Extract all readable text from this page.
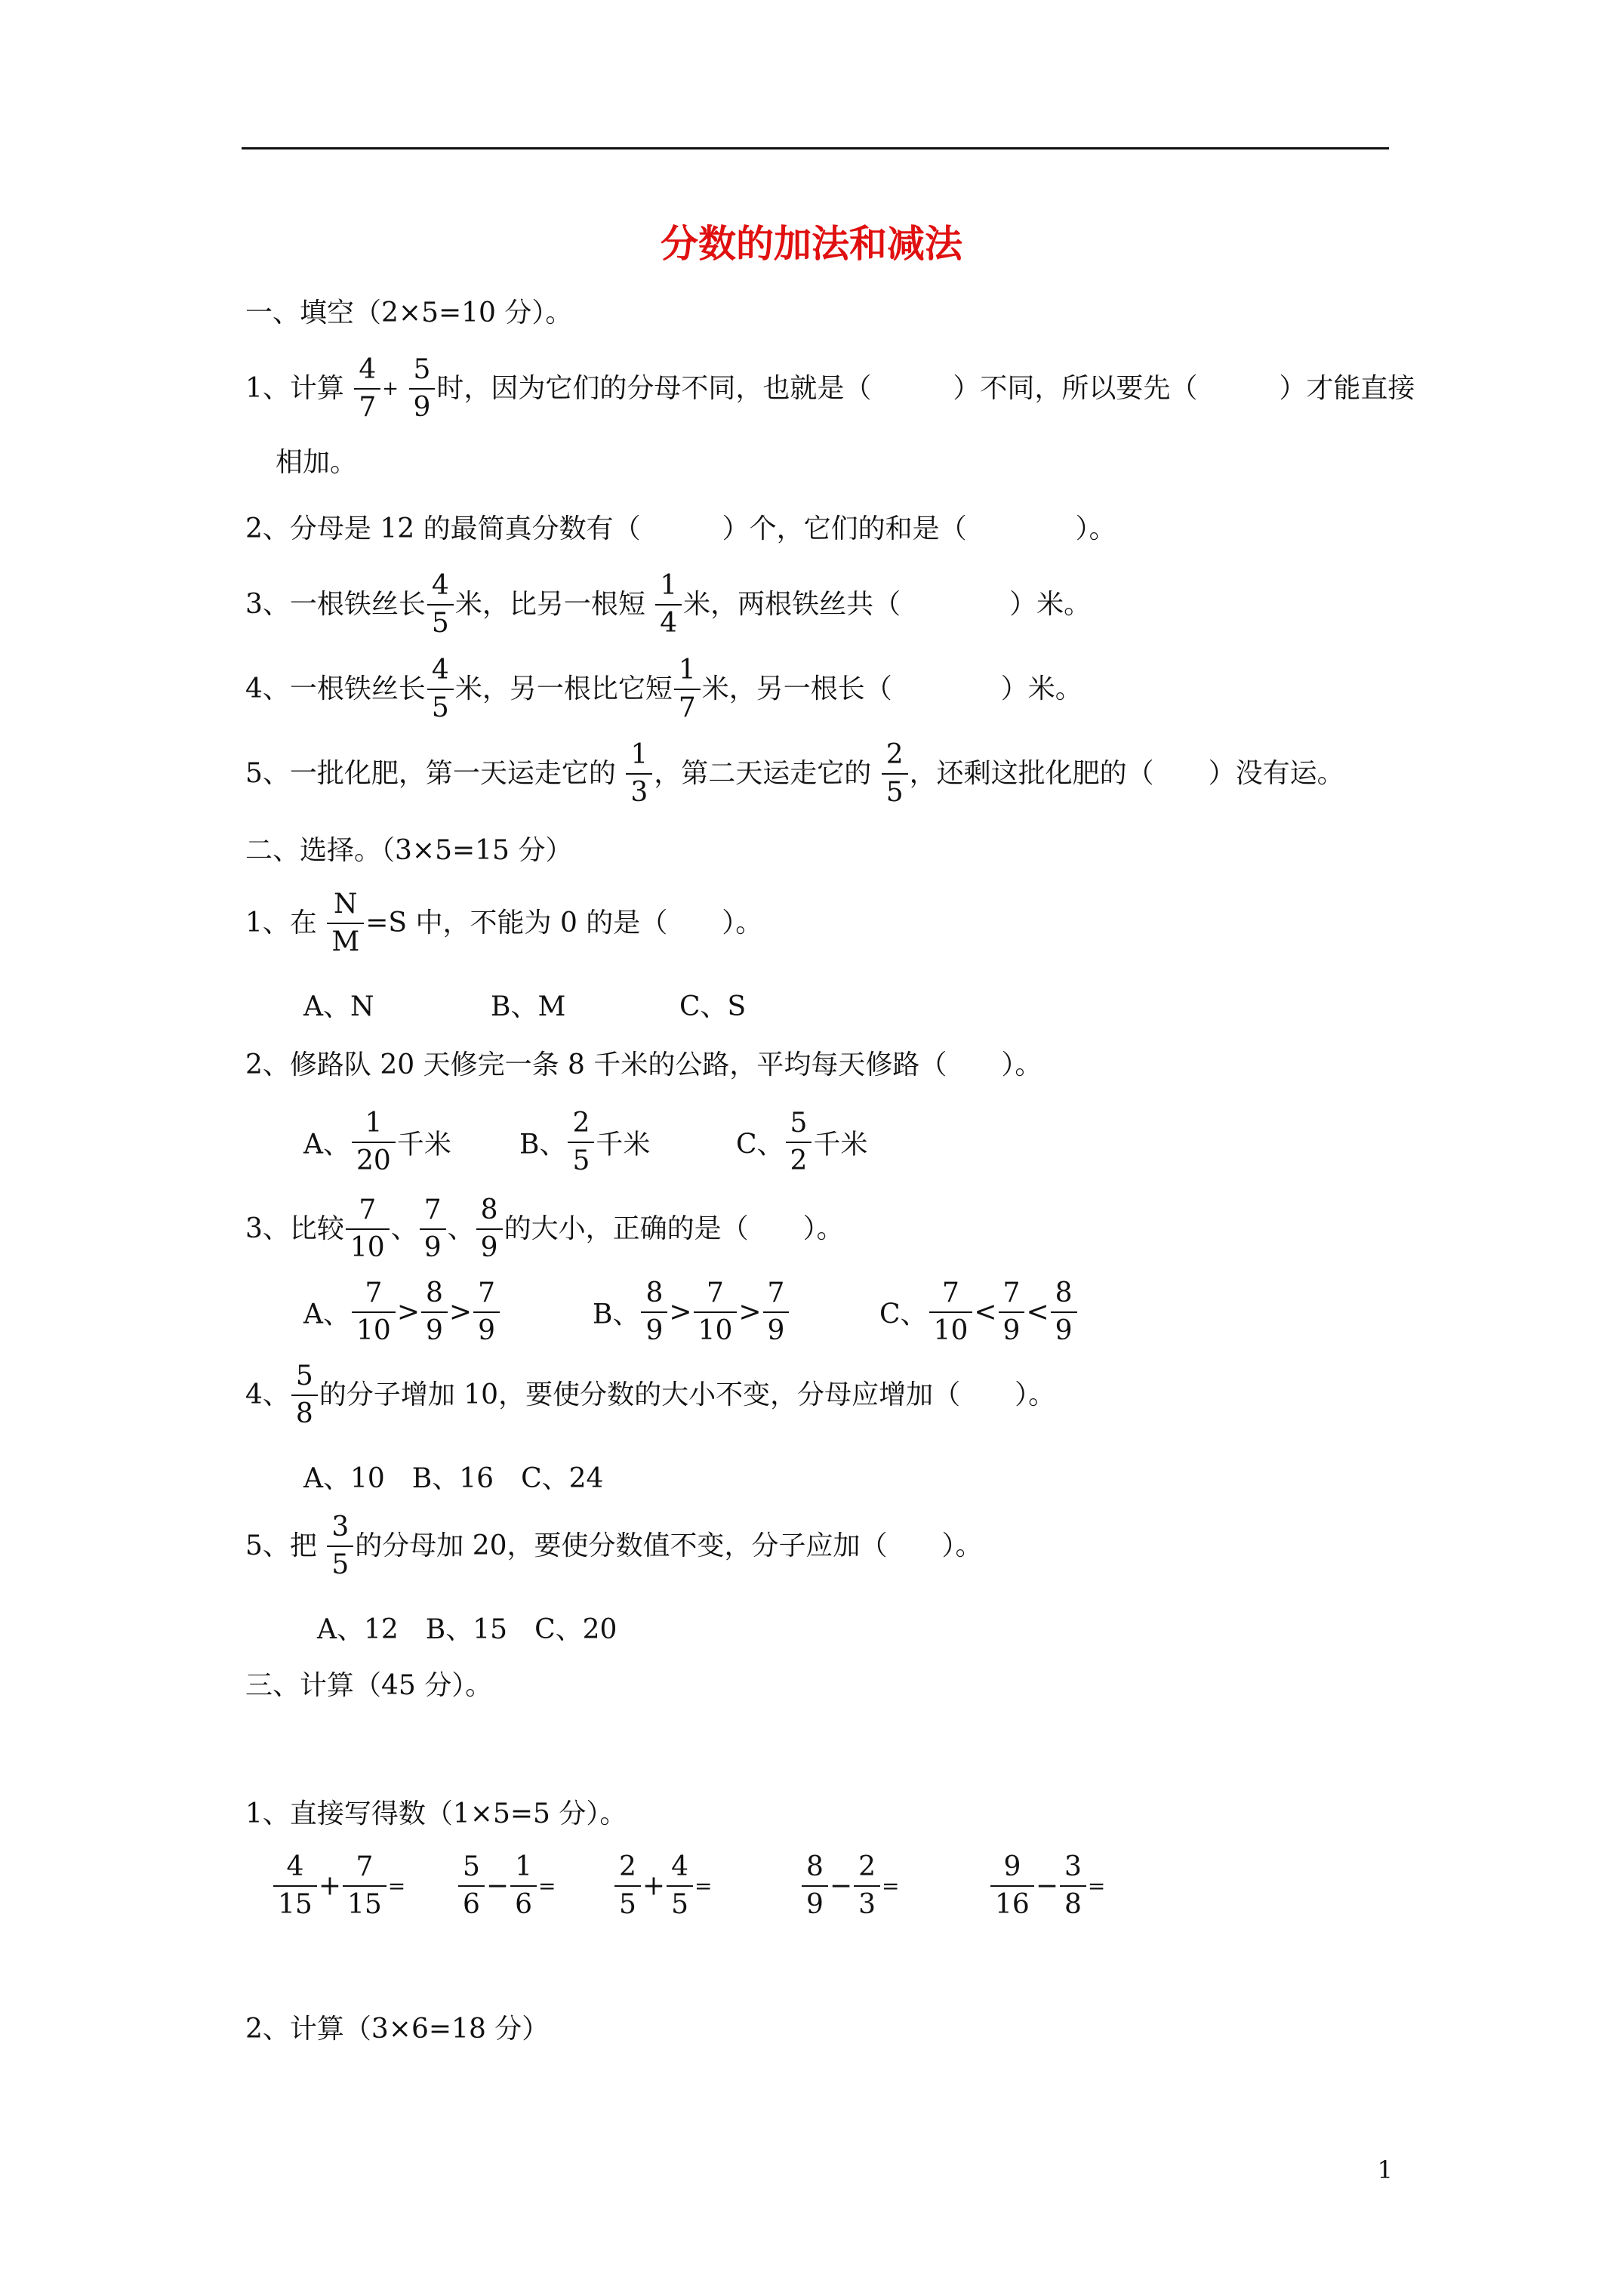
分数的加法和减法
一、填空（2×5=10 分）。
1、计算 $\frac{4}{7} + \frac{5}{9}$ 时，因为它们的分母不同，也就是（　　　）不同，所以要先（　　　）才能直接
相加。
2、分母是 12 的最简真分数有（　　　）个，它们的和是（　　　　）。
3、一根铁丝长 $\frac{4}{5}$ 米，比另一根短 $\frac{1}{4}$ 米，两根铁丝共（　　　　）米。
4、一根铁丝长 $\frac{4}{5}$ 米，另一根比它短 $\frac{1}{7}$ 米，另一根长（　　　　）米。
5、一批化肥，第一天运走它的 $\frac{1}{3}$ ，第二天运走它的 $\frac{2}{5}$ ，还剩这批化肥的（　　）没有运。
二、选择。（3×5=15 分）
1、在 $\frac{N}{M} =S$ 中，不能为 0 的是（　　）。
A、N	B、M	C、S
2、修路队 20 天修完一条 8 千米的公路，平均每天修路（　　）。
A、 $\frac{1}{20}$ 千米	B、 $\frac{2}{5}$ 千米	C、 $\frac{5}{2}$ 千米
3、比较 $\frac{7}{10}$ 、 $\frac{7}{9}$ 、 $\frac{8}{9}$ 的大小，正确的是（　　）。
A、 $\frac{7}{10} > \frac{8}{9} > \frac{7}{9}$	B、 $\frac{8}{9} > \frac{7}{10} > \frac{7}{9}$	C、 $\frac{7}{10} < \frac{7}{9} < \frac{8}{9}$
4、 $\frac{5}{8}$ 的分子增加 10，要使分数的大小不变，分母应增加（　　）。
A、10　B、16　C、24
5、把 $\frac{3}{5}$ 的分母加 20，要使分数值不变，分子应加（　　）。
A、12　B、15　C、20
三、计算（45 分）。
1、直接写得数（1×5=5 分）。
$\frac{4}{15} + \frac{7}{15} = \frac{5}{6} - \frac{1}{6} = \frac{2}{5} + \frac{4}{5}$ =	$\frac{8}{9} - \frac{2}{3}$ =	$\frac{9}{16} - \frac{3}{8}$ =
2、计算（3×6=18 分）
1
